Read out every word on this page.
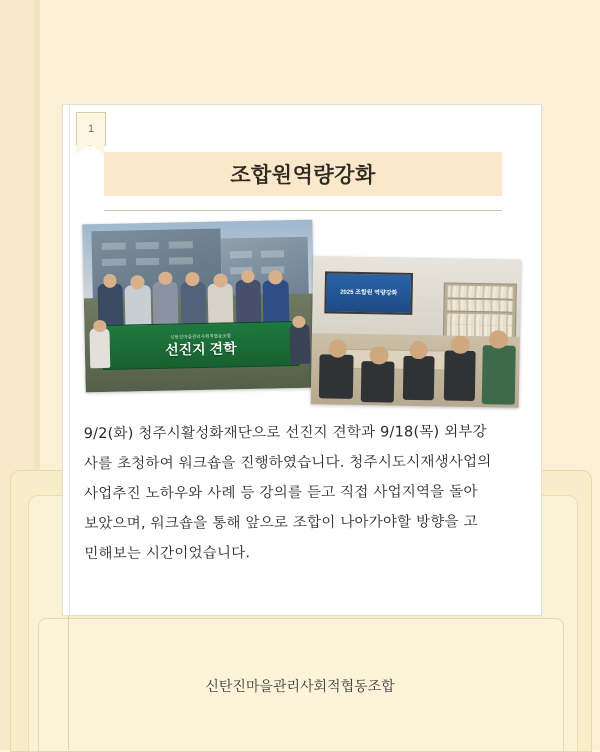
1
조합원역량강화
신탄진마을관리사회적협동조합
선진지 견학
2025 조합원 역량강화
9/2(화) 청주시활성화재단으로 선진지 견학과 9/18(목) 외부강
사를 초청하여 워크숍을 진행하였습니다. 청주시도시재생사업의
사업추진 노하우와 사례 등 강의를 듣고 직접 사업지역을 돌아
보았으며, 워크숍을 통해 앞으로 조합이 나아가야할 방향을 고
민해보는 시간이었습니다.
신탄진마을관리사회적협동조합
